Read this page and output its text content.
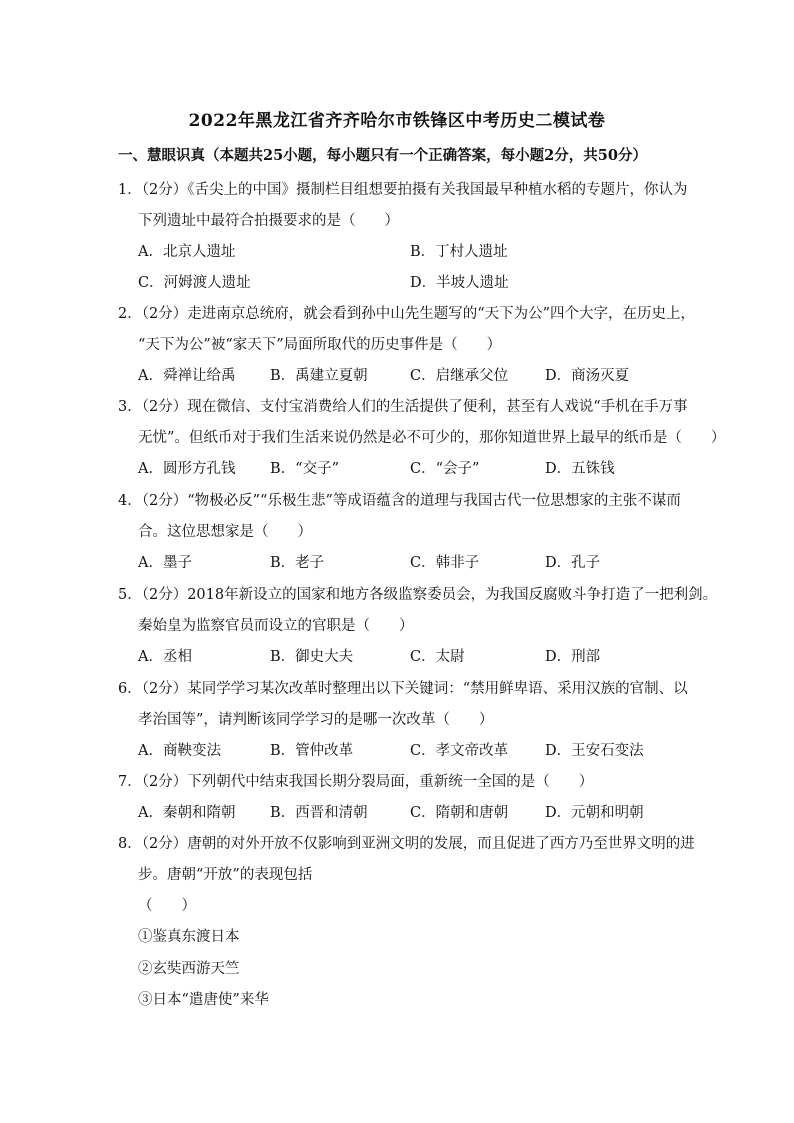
2022年黑龙江省齐齐哈尔市铁锋区中考历史二模试卷
一、慧眼识真（本题共25小题，每小题只有一个正确答案，每小题2分，共50分）
1．（2分）《舌尖上的中国》摄制栏目组想要拍摄有关我国最早种植水稻的专题片，你认为
下列遗址中最符合拍摄要求的是（　　）
A．北京人遗址	B．丁村人遗址
C．河姆渡人遗址	D．半坡人遗址
2．（2分）走进南京总统府，就会看到孙中山先生题写的“天下为公”四个大字，在历史上，
“天下为公”被“家天下”局面所取代的历史事件是（　　）
A．舜禅让给禹 B．禹建立夏朝	C．启继承父位	D．商汤灭夏
3．（2分）现在微信、支付宝消费给人们的生活提供了便利，甚至有人戏说“手机在手万事
无忧”。但纸币对于我们生活来说仍然是必不可少的，那你知道世界上最早的纸币是（　　）
A．圆形方孔钱 B．“交子”	C．“会子”	D．五铢钱
4．（2分）“物极必反”“乐极生悲”等成语蕴含的道理与我国古代一位思想家的主张不谋而
合。这位思想家是（　　）
A．墨子	B．老子	C．韩非子	D．孔子
5．（2分）2018年新设立的国家和地方各级监察委员会，为我国反腐败斗争打造了一把利剑。
秦始皇为监察官员而设立的官职是（　　）
A．丞相	B．御史大夫	C．太尉	D．刑部
6．（2分）某同学学习某次改革时整理出以下关键词：“禁用鲜卑语、采用汉族的官制、以
孝治国等”，请判断该同学学习的是哪一次改革（　　）
A．商鞅变法	B．管仲改革	C．孝文帝改革	D．王安石变法
7．（2分）下列朝代中结束我国长期分裂局面，重新统一全国的是（　　）
A．秦朝和隋朝 B．西晋和清朝	C．隋朝和唐朝	D．元朝和明朝
8．（2分）唐朝的对外开放不仅影响到亚洲文明的发展，而且促进了西方乃至世界文明的进
步。唐朝“开放”的表现包括
（　　）
①鉴真东渡日本
②玄奘西游天竺
③日本“遣唐使”来华
